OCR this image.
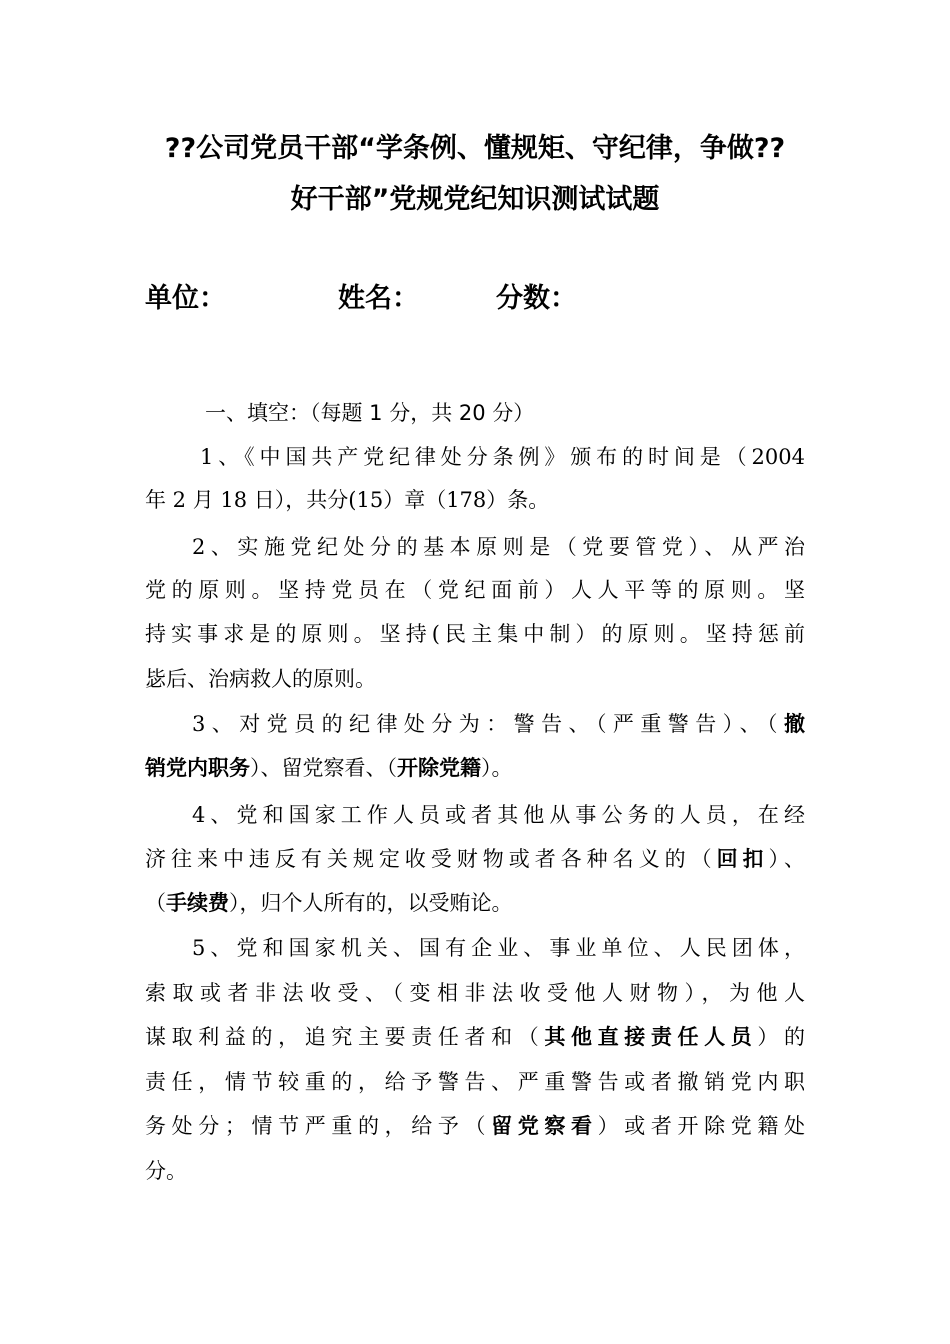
??公司党员干部“学条例、懂规矩、守纪律，争做??
好干部”党规党纪知识测试试题
单位：	姓名：	分数：
一、填空：（每题 1 分，共 20 分）
1、《中国共产党纪律处分条例》颁布的时间是（2004
年 2 月 18 日），共分(15）章（178）条。
2、实施党纪处分的基本原则是（党要管党）、从严治
党的原则。坚持党员在（党纪面前）人人平等的原则。坚
持实事求是的原则。坚持(民主集中制）的原则。坚持惩前
毖后、治病救人的原则。
3、对党员的纪律处分为：警告、（严重警告）、（撤
销党内职务）、留党察看、（开除党籍）。
4、党和国家工作人员或者其他从事公务的人员，在经
济往来中违反有关规定收受财物或者各种名义的（回扣）、
（手续费），归个人所有的，以受贿论。
5、党和国家机关、国有企业、事业单位、人民团体，
索取或者非法收受、（变相非法收受他人财物），为他人
谋取利益的，追究主要责任者和（其他直接责任人员）的
责任，情节较重的，给予警告、严重警告或者撤销党内职
务处分；情节严重的，给予（留党察看）或者开除党籍处
分。
